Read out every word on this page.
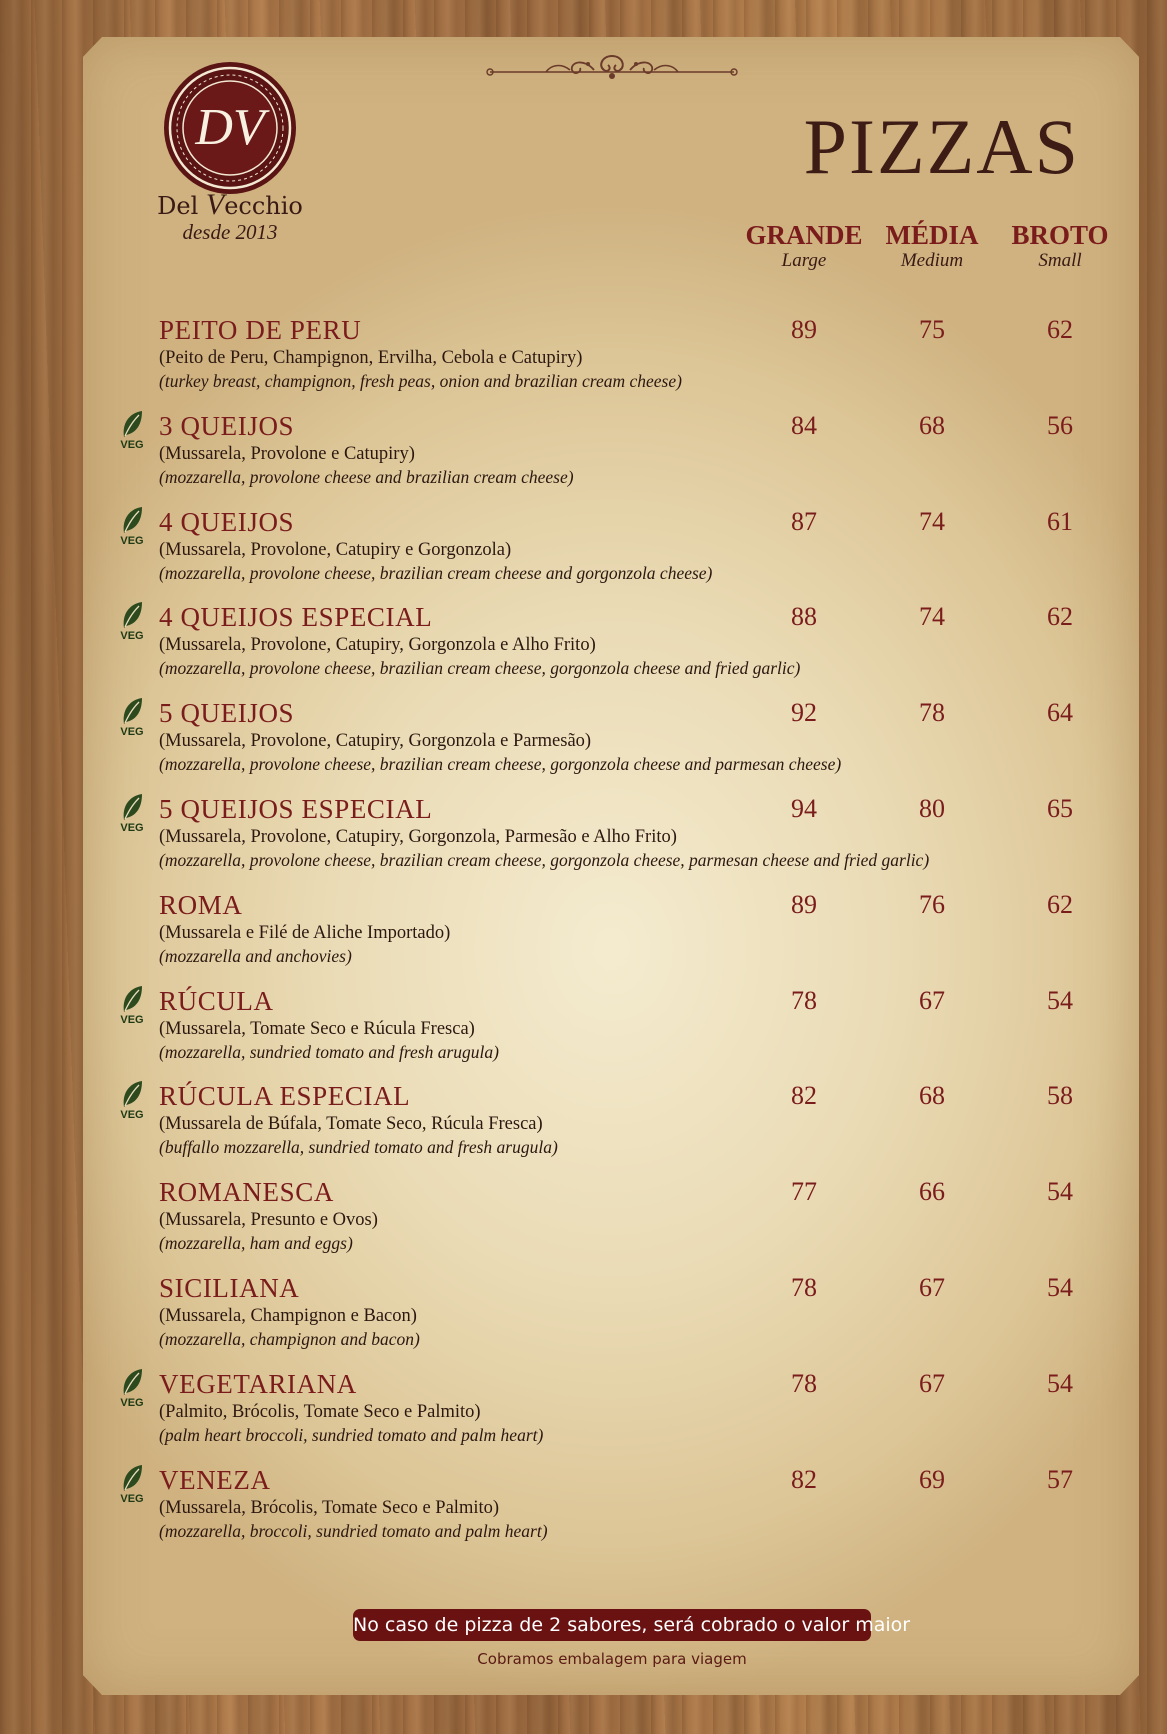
DV
Del Vecchio
desde 2013
PIZZAS
GRANDE
Large
MÉDIA
Medium
BROTO
Small
PEITO DE PERU
(Peito de Peru, Champignon, Ervilha, Cebola e Catupiry)
(turkey breast, champignon, fresh peas, onion and brazilian cream cheese)
89	75	62
VEG
3 QUEIJOS
(Mussarela, Provolone e Catupiry)
(mozzarella, provolone cheese and brazilian cream cheese)
84	68	56
VEG
4 QUEIJOS
(Mussarela, Provolone, Catupiry e Gorgonzola)
(mozzarella, provolone cheese, brazilian cream cheese and gorgonzola cheese)
87	74	61
VEG
4 QUEIJOS ESPECIAL
(Mussarela, Provolone, Catupiry, Gorgonzola e Alho Frito)
(mozzarella, provolone cheese, brazilian cream cheese, gorgonzola cheese and fried garlic)
88	74	62
VEG
5 QUEIJOS
(Mussarela, Provolone, Catupiry, Gorgonzola e Parmesão)
(mozzarella, provolone cheese, brazilian cream cheese, gorgonzola cheese and parmesan cheese)
92	78	64
VEG
5 QUEIJOS ESPECIAL
(Mussarela, Provolone, Catupiry, Gorgonzola, Parmesão e Alho Frito)
(mozzarella, provolone cheese, brazilian cream cheese, gorgonzola cheese, parmesan cheese and fried garlic)
94	80	65
ROMA
(Mussarela e Filé de Aliche Importado)
(mozzarella and anchovies)
89	76	62
VEG
RÚCULA
(Mussarela, Tomate Seco e Rúcula Fresca)
(mozzarella, sundried tomato and fresh arugula)
78	67	54
VEG
RÚCULA ESPECIAL
(Mussarela de Búfala, Tomate Seco, Rúcula Fresca)
(buffallo mozzarella, sundried tomato and fresh arugula)
82	68	58
ROMANESCA
(Mussarela, Presunto e Ovos)
(mozzarella, ham and eggs)
77	66	54
SICILIANA
(Mussarela, Champignon e Bacon)
(mozzarella, champignon and bacon)
78	67	54
VEG
VEGETARIANA
(Palmito, Brócolis, Tomate Seco e Palmito)
(palm heart broccoli, sundried tomato and palm heart)
78	67	54
VEG
VENEZA
(Mussarela, Brócolis, Tomate Seco e Palmito)
(mozzarella, broccoli, sundried tomato and palm heart)
82	69	57
No caso de pizza de 2 sabores, será cobrado o valor maior
Cobramos embalagem para viagem
